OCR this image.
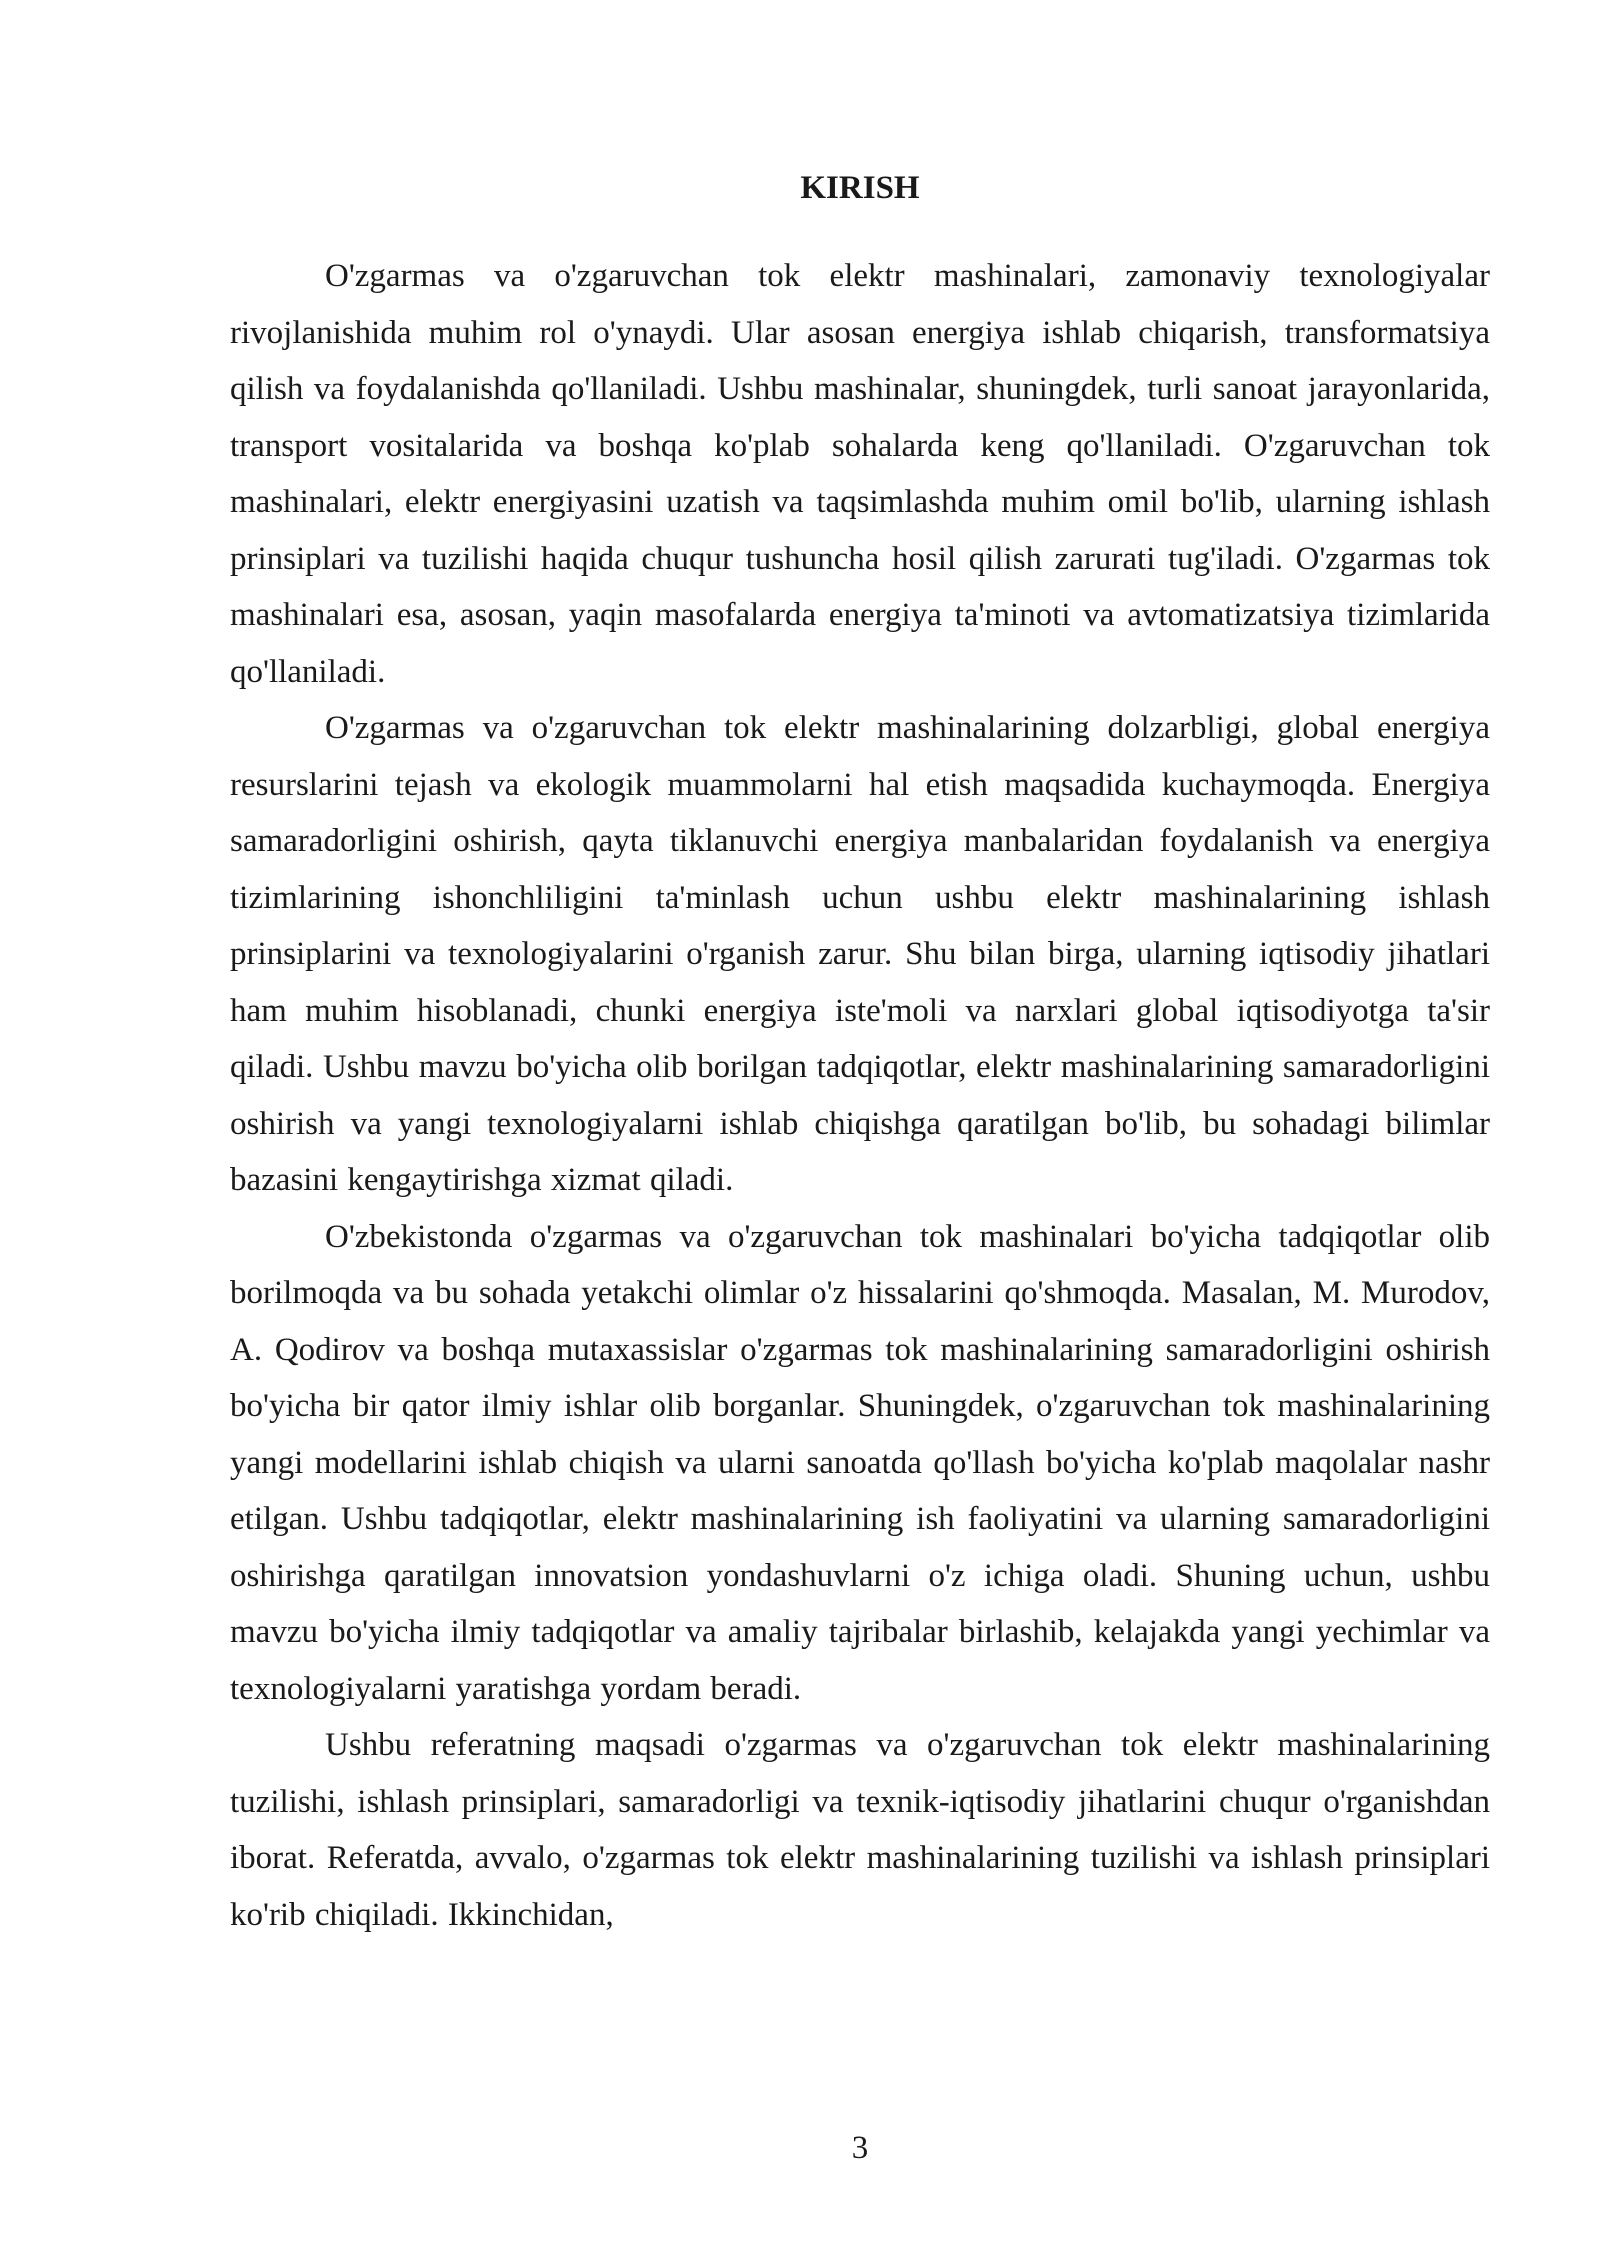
KIRISH

O'zgarmas va o'zgaruvchan tok elektr mashinalari, zamonaviy texnologiyalar rivojlanishida muhim rol o'ynaydi. Ular asosan energiya ishlab chiqarish, transformatsiya qilish va foydalanishda qo'llaniladi. Ushbu mashinalar, shuningdek, turli sanoat jarayonlarida, transport vositalarida va boshqa ko'plab sohalarda keng qo'llaniladi. O'zgaruvchan tok mashinalari, elektr energiyasini uzatish va taqsimlashda muhim omil bo'lib, ularning ishlash prinsiplari va tuzilishi haqida chuqur tushuncha hosil qilish zarurati tug'iladi. O'zgarmas tok mashinalari esa, asosan, yaqin masofalarda energiya ta'minoti va avtomatizatsiya tizimlarida qo'llaniladi.

O'zgarmas va o'zgaruvchan tok elektr mashinalarining dolzarbligi, global energiya resurslarini tejash va ekologik muammolarni hal etish maqsadida kuchaymoqda. Energiya samaradorligini oshirish, qayta tiklanuvchi energiya manbalaridan foydalanish va energiya tizimlarining ishonchliligini ta'minlash uchun ushbu elektr mashinalarining ishlash prinsiplarini va texnologiyalarini o'rganish zarur. Shu bilan birga, ularning iqtisodiy jihatlari ham muhim hisoblanadi, chunki energiya iste'moli va narxlari global iqtisodiyotga ta'sir qiladi. Ushbu mavzu bo'yicha olib borilgan tadqiqotlar, elektr mashinalarining samaradorligini oshirish va yangi texnologiyalarni ishlab chiqishga qaratilgan bo'lib, bu sohadagi bilimlar bazasini kengaytirishga xizmat qiladi.

O'zbekistonda o'zgarmas va o'zgaruvchan tok mashinalari bo'yicha tadqiqotlar olib borilmoqda va bu sohada yetakchi olimlar o'z hissalarini qo'shmoqda. Masalan, M. Murodov, A. Qodirov va boshqa mutaxassislar o'zgarmas tok mashinalarining samaradorligini oshirish bo'yicha bir qator ilmiy ishlar olib borganlar. Shuningdek, o'zgaruvchan tok mashinalarining yangi modellarini ishlab chiqish va ularni sanoatda qo'llash bo'yicha ko'plab maqolalar nashr etilgan. Ushbu tadqiqotlar, elektr mashinalarining ish faoliyatini va ularning samaradorligini oshirishga qaratilgan innovatsion yondashuvlarni o'z ichiga oladi. Shuning uchun, ushbu mavzu bo'yicha ilmiy tadqiqotlar va amaliy tajribalar birlashib, kelajakda yangi yechimlar va texnologiyalarni yaratishga yordam beradi.

Ushbu referatning maqsadi o'zgarmas va o'zgaruvchan tok elektr mashinalarining tuzilishi, ishlash prinsiplari, samaradorligi va texnik-iqtisodiy jihatlarini chuqur o'rganishdan iborat. Referatda, avvalo, o'zgarmas tok elektr mashinalarining tuzilishi va ishlash prinsiplari ko'rib chiqiladi. Ikkinchidan,

3
